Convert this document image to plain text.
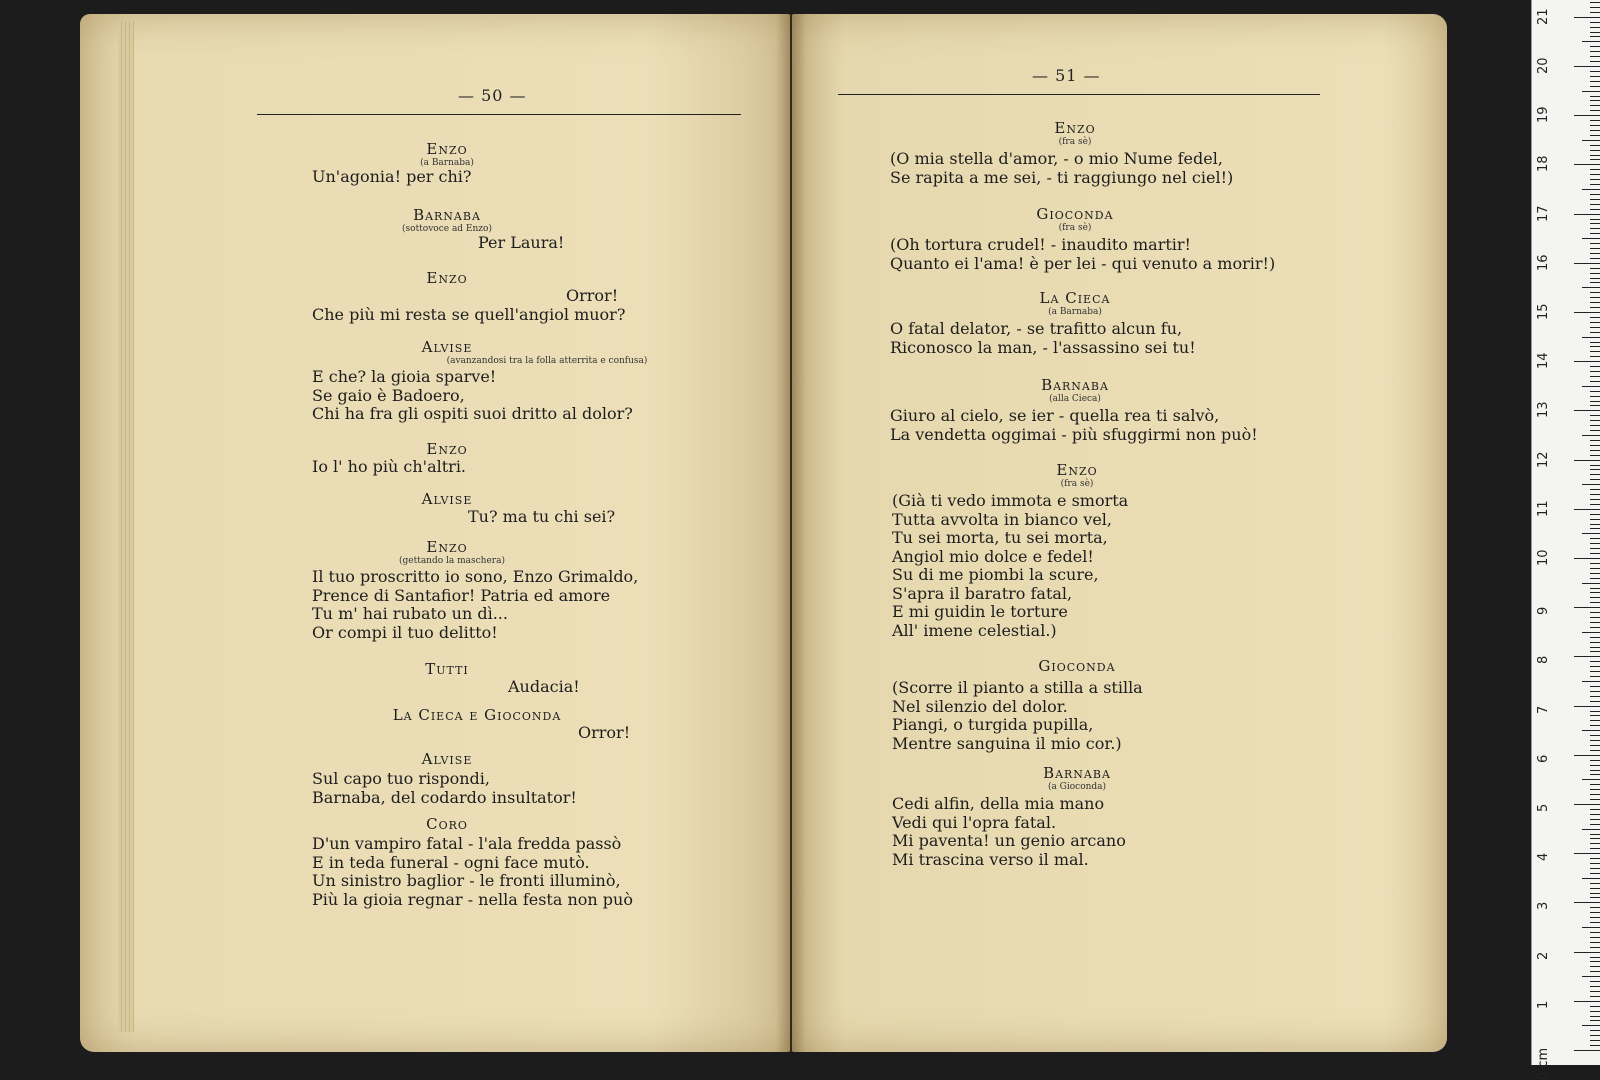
— 50 —
— 51 —
Enzo
(a Barnaba)
Un'agonia! per chi?
Barnaba
(sottovoce ad Enzo)
Per Laura!
Enzo
Orror!
Che più mi resta se quell'angiol muor?
Alvise
(avanzandosi tra la folla atterrita e confusa)
E che? la gioia sparve!
Se gaio è Badoero,
Chi ha fra gli ospiti suoi dritto al dolor?
Enzo
Io l' ho più ch'altri.
Alvise
Tu? ma tu chi sei?
Enzo
(gettando la maschera)
Il tuo proscritto io sono, Enzo Grimaldo,
Prence di Santafior! Patria ed amore
Tu m' hai rubato un dì...
Or compi il tuo delitto!
Tutti
Audacia!
La Cieca e Gioconda
Orror!
Alvise
Sul capo tuo rispondi,
Barnaba, del codardo insultator!
Coro
D'un vampiro fatal - l'ala fredda passò
E in teda funeral - ogni face mutò.
Un sinistro baglior - le fronti illuminò,
Più la gioia regnar - nella festa non può
Enzo
(fra sè)
(O mia stella d'amor, - o mio Nume fedel,
Se rapita a me sei, - ti raggiungo nel ciel!)
Gioconda
(fra sè)
(Oh tortura crudel! - inaudito martir!
Quanto ei l'ama! è per lei - qui venuto a morir!)
La Cieca
(a Barnaba)
O fatal delator, - se trafitto alcun fu,
Riconosco la man, - l'assassino sei tu!
Barnaba
(alla Cieca)
Giuro al cielo, se ier - quella rea ti salvò,
La vendetta oggimai - più sfuggirmi non può!
Enzo
(fra sè)
(Già ti vedo immota e smorta
Tutta avvolta in bianco vel,
Tu sei morta, tu sei morta,
Angiol mio dolce e fedel!
Su di me piombi la scure,
S'apra il baratro fatal,
E mi guidin le torture
All' imene celestial.)
Gioconda
(Scorre il pianto a stilla a stilla
Nel silenzio del dolor.
Piangi, o turgida pupilla,
Mentre sanguina il mio cor.)
Barnaba
(a Gioconda)
Cedi alfin, della mia mano
Vedi qui l'opra fatal.
Mi paventa! un genio arcano
Mi trascina verso il mal.
0 cm
1
2
3
4
5
6
7
8
9
10
11
12
13
14
15
16
17
18
19
20
21
